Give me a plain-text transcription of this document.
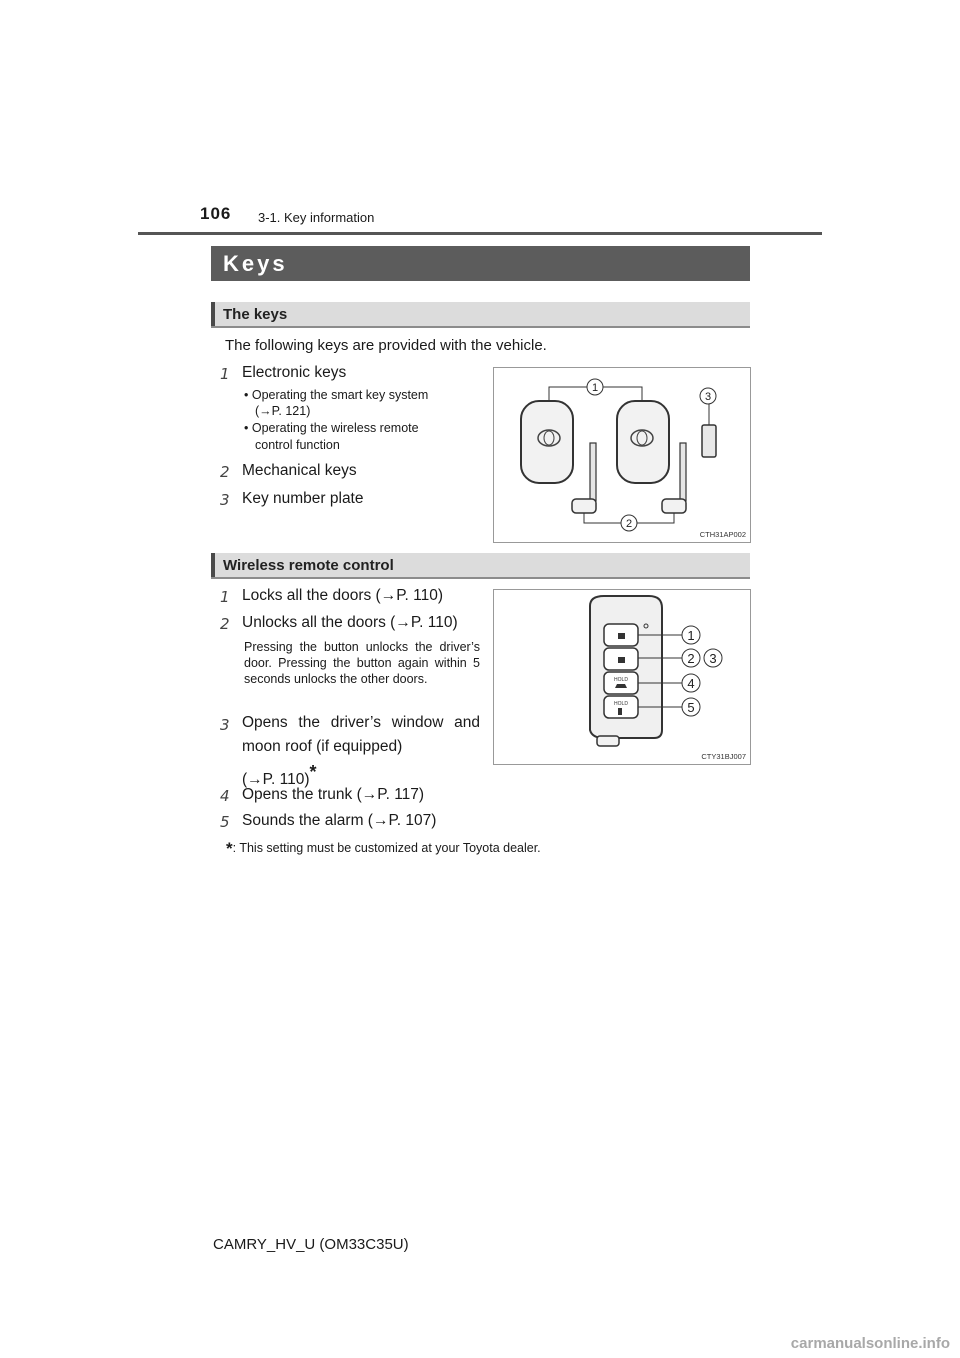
106 3-1. Key information
Keys
The keys
The following keys are provided with the vehicle.
1 Electronic keys
• Operating the smart key system
(→P. 121)
• Operating the wireless remote
control function
2 Mechanical keys
3 Key number plate
1
2
3
CTH31AP002
Wireless remote control
1 Locks all the doors (→P. 110)
2 Unlocks all the doors (→P. 110)
Pressing the button unlocks the driver’s door. Pressing the button again within 5 seconds unlocks the other doors.
3 Opens the driver’s window and
moon roof (if equipped)
(→P. 110)*
4 Opens the trunk (→P. 117)
5 Sounds the alarm (→P. 107)
HOLD
HOLD
1
2 3
4
5
CTY31BJ007
*: This setting must be customized at your Toyota dealer.
CAMRY_HV_U (OM33C35U)
carmanualsonline.info
